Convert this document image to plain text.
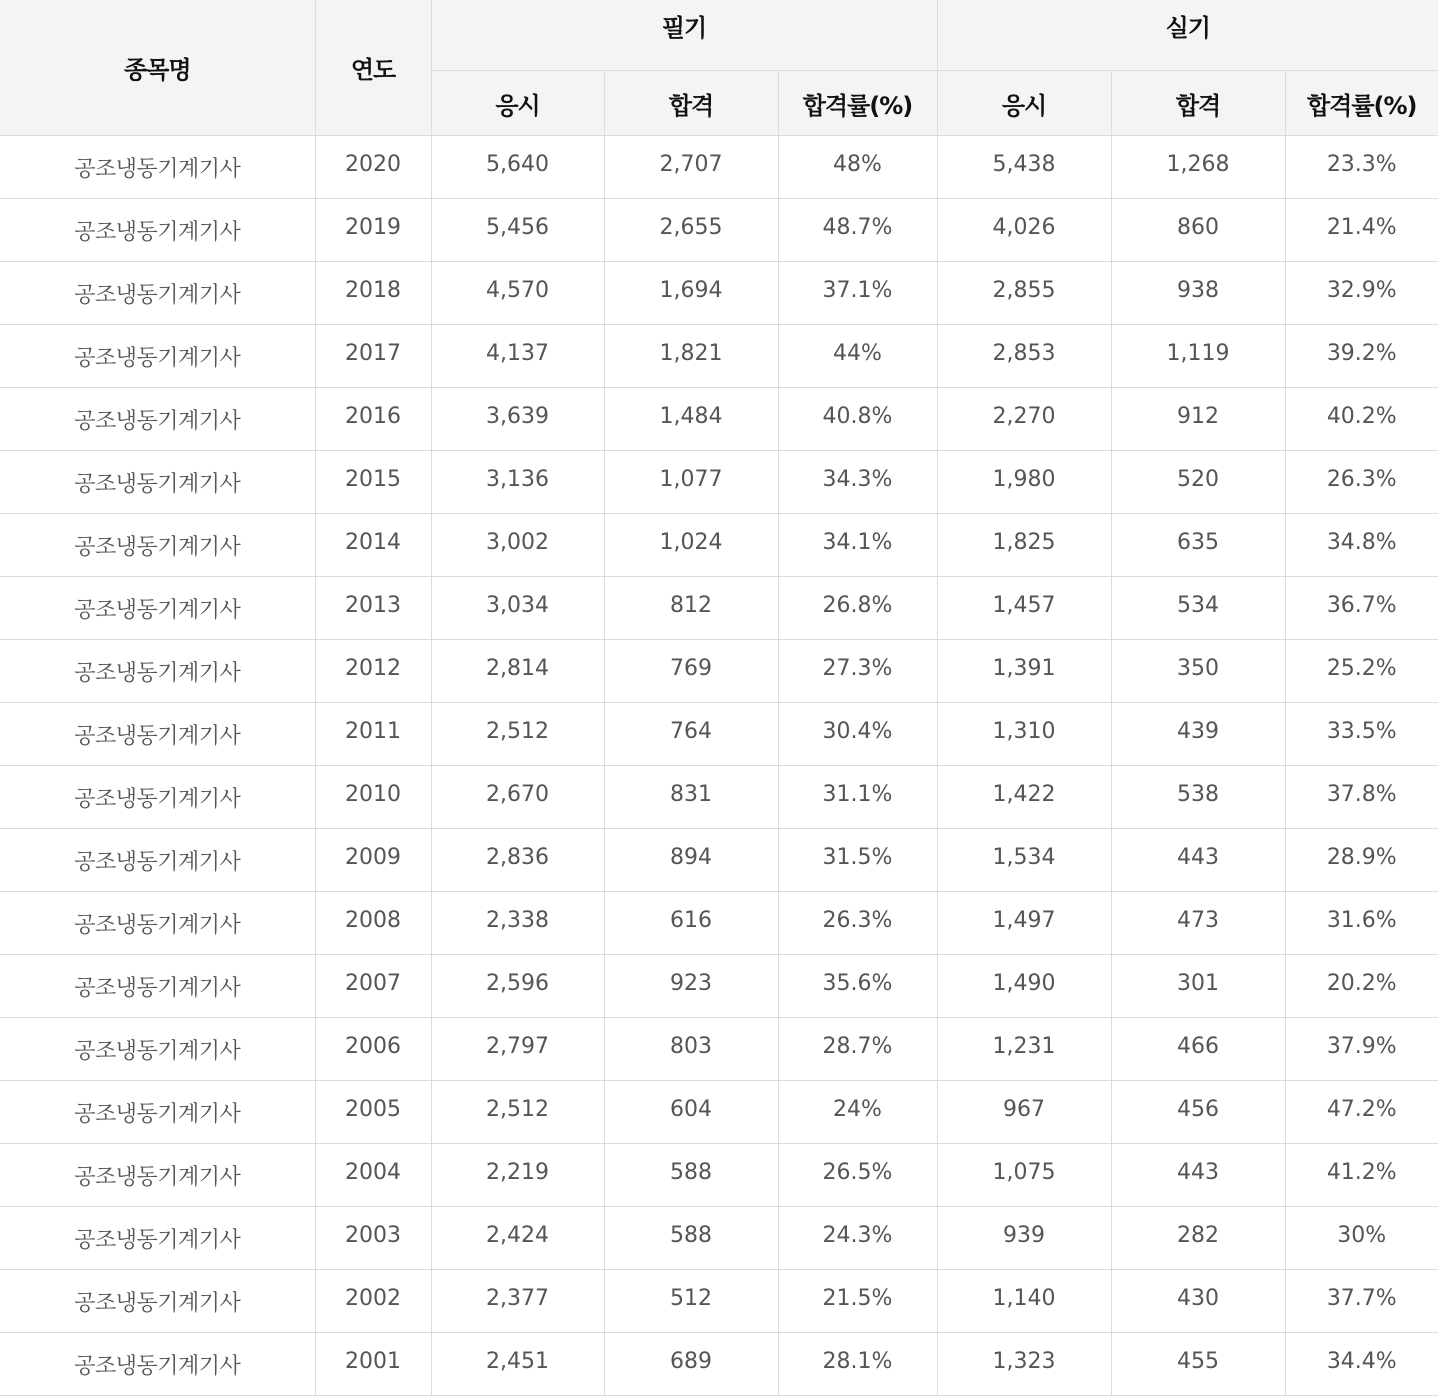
종목명	연도	필기			실기		
		응시	합격	합격률(%)	응시	합격	합격률(%)
공조냉동기계기사	2020	5,640	2,707	48%	5,438	1,268	23.3%
공조냉동기계기사	2019	5,456	2,655	48.7%	4,026	860	21.4%
공조냉동기계기사	2018	4,570	1,694	37.1%	2,855	938	32.9%
공조냉동기계기사	2017	4,137	1,821	44%	2,853	1,119	39.2%
공조냉동기계기사	2016	3,639	1,484	40.8%	2,270	912	40.2%
공조냉동기계기사	2015	3,136	1,077	34.3%	1,980	520	26.3%
공조냉동기계기사	2014	3,002	1,024	34.1%	1,825	635	34.8%
공조냉동기계기사	2013	3,034	812	26.8%	1,457	534	36.7%
공조냉동기계기사	2012	2,814	769	27.3%	1,391	350	25.2%
공조냉동기계기사	2011	2,512	764	30.4%	1,310	439	33.5%
공조냉동기계기사	2010	2,670	831	31.1%	1,422	538	37.8%
공조냉동기계기사	2009	2,836	894	31.5%	1,534	443	28.9%
공조냉동기계기사	2008	2,338	616	26.3%	1,497	473	31.6%
공조냉동기계기사	2007	2,596	923	35.6%	1,490	301	20.2%
공조냉동기계기사	2006	2,797	803	28.7%	1,231	466	37.9%
공조냉동기계기사	2005	2,512	604	24%	967	456	47.2%
공조냉동기계기사	2004	2,219	588	26.5%	1,075	443	41.2%
공조냉동기계기사	2003	2,424	588	24.3%	939	282	30%
공조냉동기계기사	2002	2,377	512	21.5%	1,140	430	37.7%
공조냉동기계기사	2001	2,451	689	28.1%	1,323	455	34.4%
